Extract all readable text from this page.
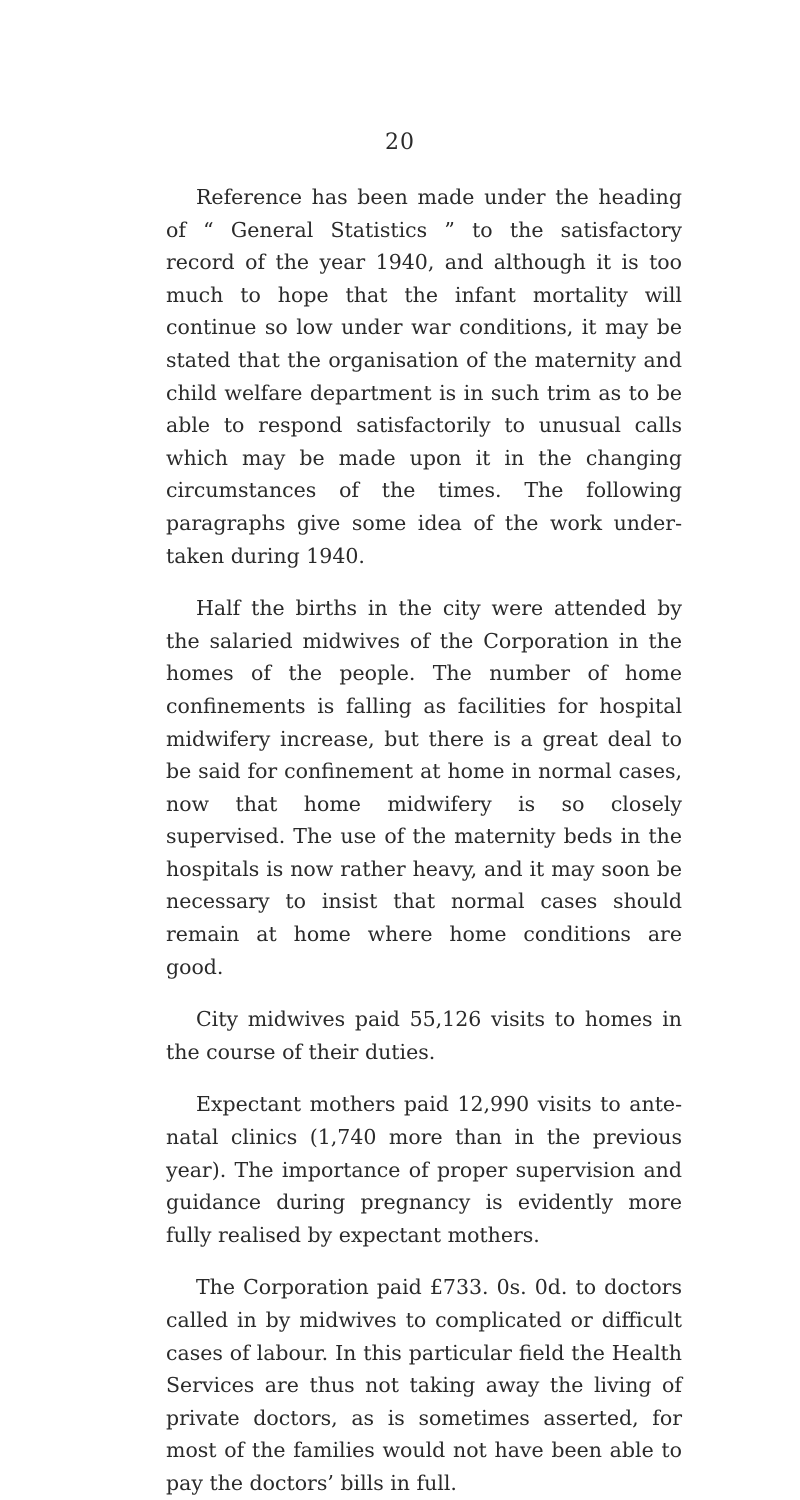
20

Reference has been made under the heading of “ General Statistics ” to the satisfactory record of the year 1940, and although it is too much to hope that the infant mortality will continue so low under war conditions, it may be stated that the organisation of the maternity and child welfare department is in such trim as to be able to respond satisfactorily to unusual calls which may be made upon it in the changing circumstances of the times. The following paragraphs give some idea of the work undertaken during 1940.

Half the births in the city were attended by the salaried midwives of the Corporation in the homes of the people. The number of home confinements is falling as facilities for hospital midwifery increase, but there is a great deal to be said for confinement at home in normal cases, now that home midwifery is so closely supervised. The use of the maternity beds in the hospitals is now rather heavy, and it may soon be necessary to insist that normal cases should remain at home where home conditions are good.

City midwives paid 55,126 visits to homes in the course of their duties.

Expectant mothers paid 12,990 visits to ante-natal clinics (1,740 more than in the previous year). The importance of proper supervision and guidance during pregnancy is evidently more fully realised by expectant mothers.

The Corporation paid £733. 0s. 0d. to doctors called in by midwives to complicated or difficult cases of labour. In this particular field the Health Services are thus not taking away the living of private doctors, as is sometimes asserted, for most of the families would not have been able to pay the doctors’ bills in full.
